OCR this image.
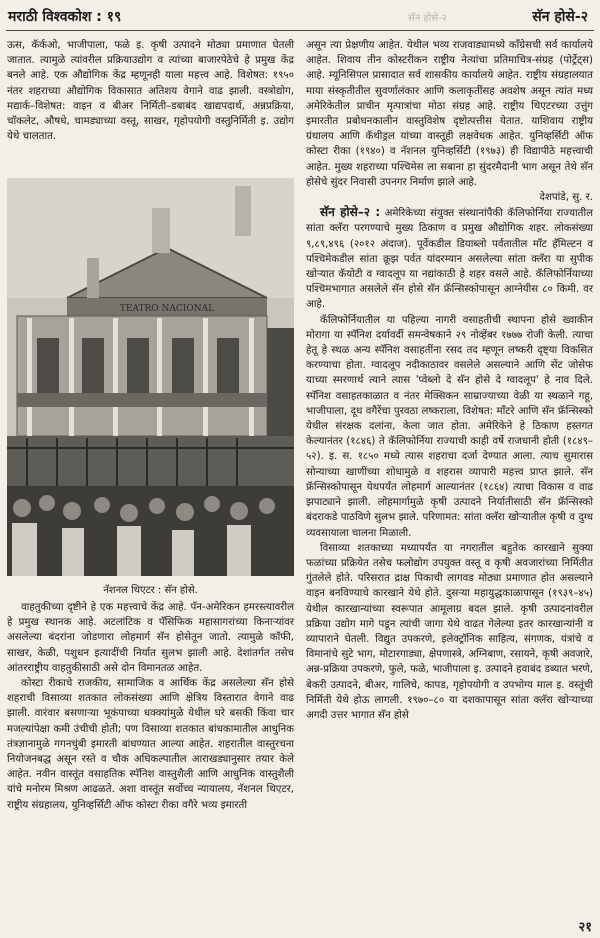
मराठी विश्वकोश : १९	सॅन होसे-२	सॅन होसे-२

ऊस, कॅर्कओ, भाजीपाला, फळे इ. कृषी उत्पादने मोठ्या प्रमाणात घेतली जातात. त्यामुळे त्यांवरील प्रक्रियाउद्योग व त्यांच्या बाजारपेठेचे हे प्रमुख केंद्र बनले आहे. एक औद्योगिक केंद्र म्हणूनही याला महत्त्व आहे. विशेषत: १९५० नंतर शहराच्या औद्योगिक विकासात अतिशय वेगाने वाढ झाली. वस्त्रोद्योग, मद्यार्क–विशेषत: वाइन व बीअर निर्मिती–डबाबंद खाद्यपदार्थ, अन्नप्रक्रिया, चॉकलेट, औषधे, चामड्याच्या वस्तू, साखर, गृहोपयोगी वस्तुनिर्मिती इ. उद्योग येथे चालतात.

TEATRO NACIONAL
नॅशनल थिएटर : सॅन होसे.

वाहतुकीच्या दृष्टीने हे एक महत्त्वाचे केंद्र आहे. पॅन-अमेरिकन हमरस्त्यावरील हे प्रमुख स्थानक आहे. अटलांटिक व पॅसिफिक महासागरांच्या किनाऱ्यांवर असलेल्या बंदरांना जोडणारा लोहमार्ग सॅन होसेतून जातो. त्यामुळे कॉफी, साखर, केळी, पशुधन इत्यादींची निर्यात सुलभ झाली आहे. देशांतर्गत तसेच आंतरराष्ट्रीय वाहतुकीसाठी असे दोन विमानतळ आहेत.

कोस्टा रीकाचे राजकीय, सामाजिक व आर्थिक केंद्र असलेल्या सॅन होसे शहराची विसाव्या शतकात लोकसंख्या आणि क्षेत्रिय विस्तारात वेगाने वाढ झाली. वारंवार बसणाऱ्या भूकंपाच्या धक्क्यांमुळे येथील घरे बसकी किंवा चार मजल्यांपेक्षा कमी उंचीची होती; पण विसाव्या शतकात बांधकामातील आधुनिक तंत्रज्ञानामुळे गगनचुंबी इमारती बांधण्यात आल्या आहेत. शहरातील वास्तुरचना नियोजनबद्ध असून रस्ते व चौक अधिकल्पातील आराखड्यानुसार तयार केले आहेत. नवीन वास्तूंत वसाहतिक स्पॅनिश वास्तुशैली आणि आधुनिक वास्तुशैली यांचे मनोरम मिश्रण आढळते. अशा वास्तूंत सर्वोच्च न्यायालय, नॅशनल थिएटर, राष्ट्रीय संग्रहालय, युनिव्हर्सिटी ऑफ कोस्टा रीका वगैरे भव्य इमारती

असून त्या प्रेक्षणीय आहेत. येथील भव्य राजवाड्यामध्ये काँग्रेसची सर्व कार्यालये आहेत. शिवाय तीन कोस्टरीकन राष्ट्रीय नेत्यांचा प्रतिमाचित्र-संग्रह (पोर्ट्रेट्स) आहे. म्यूनिसिपल प्रासादात सर्व शासकीय कार्यालये आहेत. राष्ट्रीय संग्रहालयात माया संस्कृतीतील सुवर्णालंकार आणि कलाकृतींसह अवशेष असून त्यांत मध्य अमेरिकेतील प्राचीन मृत्पात्रांचा मोठा संग्रह आहे. राष्ट्रीय थिएटरच्या उत्तुंग इमारतीत प्रबोधनकालीन वास्तुविशेष दृष्टोत्पत्तीस येतात. याशिवाय राष्ट्रीय ग्रंथालय आणि कॅथीड्रल यांच्या वास्तूही लक्षवेधक आहेत. युनिव्हर्सिटी ऑफ कोस्टा रीका (१९४०) व नॅशनल युनिव्हर्सिटी (१९७३) ही विद्यापीठे महत्त्वाची आहेत. मुख्य शहराच्या पश्चिमेस ला सबाना हा सुंदरमैदानी भाग असून तेथे सॅन होसेचे सुंदर निवासी उपनगर निर्माण झाले आहे.

देशपांडे, सु. र.

सॅन होसे–२ : अमेरिकेच्या संयुक्त संस्थानांपैकी कॅलिफोर्निया राज्यातील सांता क्लॅरा परगण्याचे मुख्य ठिकाण व प्रमुख औद्योगिक शहर. लोकसंख्या ९,८९,४९६ (२०१२ अंदाज). पूर्वेकडील डियाब्लो पर्वतातील माँट हॅमिल्टन व पश्चिमेकडील सांता क्रूझ पर्वत यांदरम्यान असलेल्या सांता क्लॅरा या सुपीक खोऱ्यात कॅयोटी व ग्वादलूप या नद्यांकाठी हे शहर वसले आहे. कॅलिफोर्नियाच्या पश्चिमभागात असलेले सॅन होसे सॅन फ्रॅन्सिस्कोपासून आग्नेयीस ८० किमी. वर आहे.

कॅलिफोर्नियातील या पहिल्या नागरी वसाहतीची स्थापना होसे ख्वाकीन मोरागा या स्पॅनिश दर्यावर्दी समन्वेषकाने २९ नोव्हेंबर १७७७ रोजी केली. त्याचा हेतू हे स्थळ अन्य स्पॅनिश वसाहतींना रसद तद म्हणून लष्करी दृष्ट्या विकसित करण्याचा होता. ग्वादलूप नदीकाठावर वसलेले असल्याने आणि सेंट जोसेफ याच्या स्मरणार्थ त्याने त्यास 'प्वेब्लो दे सॅन होसे दे ग्वादलूप' हे नाव दिले. स्पॅनिश वसाहतकाळात व नंतर मेक्सिकन साम्राज्याच्या वेळी या स्थळाने गहू, भाजीपाला, दूध वगैरेंचा पुरवठा लष्कराला, विशेषत: माँटरे आणि सॅन फ्रॅन्सिस्को येथील संरक्षक दलांना, केला जात होता. अमेरिकेने हे ठिकाण हस्तगत केल्यानंतर (१८४६) ते कॅलिफोर्निया राज्याची काही वर्षे राजधानी होती (१८४९–५२). इ. स. १८५० मध्ये त्यास शहराचा दर्जा देण्यात आला. त्याच सुमारास सोन्याच्या खाणींच्या शोधामुळे व शहरास व्यापारी महत्त्व प्राप्त झाले. सॅन फ्रॅन्सिस्कोपासून येथपर्यंत लोहमार्ग आल्यानंतर (१८६४) त्याचा विकास व वाढ झपाट्याने झाली. लोहमार्गामुळे कृषी उत्पादने निर्यातीसाठी सॅन फ्रॅन्सिस्को बंदराकडे पाठविणे सुलभ झाले. परिणामत: सांता क्लॅरा खोऱ्यातील कृषी व दुग्ध व्यवसायाला चालना मिळाली.

विसाव्या शतकाच्या मध्यापर्यंत या नगरातील बहुतेक कारखाने सुक्या फळांच्या प्रक्रियेत तसेच फलोद्योग उपयुक्त वस्तू व कृषी अवजारांच्या निर्मितीत गुंतलेले होते. परिसरात द्राक्ष पिकाची लागवड मोठ्या प्रमाणात होत असल्याने वाइन बनविण्याचे कारखाने येथे होते. दुसऱ्या महायुद्धकाळापासून (१९३९–४५) येथील कारखान्यांच्या स्वरूपात आमूलाग्र बदल झाले. कृषी उत्पादनांवरील प्रक्रिया उद्योग मागे पडून त्यांची जागा येथे वाढत गेलेल्या इतर कारखान्यांनी व व्यापाराने घेतली. विद्युत उपकरणे, इलेक्ट्रॉनिक साहित्य, संगणक, यंत्रांचे व विमानांचे सुटे भाग, मोटारगाड्या, क्षेपणास्त्रे, अग्निबाण, रसायने, कृषी अवजारे, अन्न-प्रक्रिया उपकरणे, फुले, फळे, भाजीपाला इ. उत्पादने हवाबंद डब्यात भरणे, बेकरी उत्पादने, बीअर, गालिचे, कापड, गृहोपयोगी व उपभोग्य माल इ. वस्तूंची निर्मिती येथे होऊ लागली. १९७०–८० या दशकापासून सांता क्लॅरा खोऱ्याच्या अगदी उत्तर भागात सॅन होसे

२१
